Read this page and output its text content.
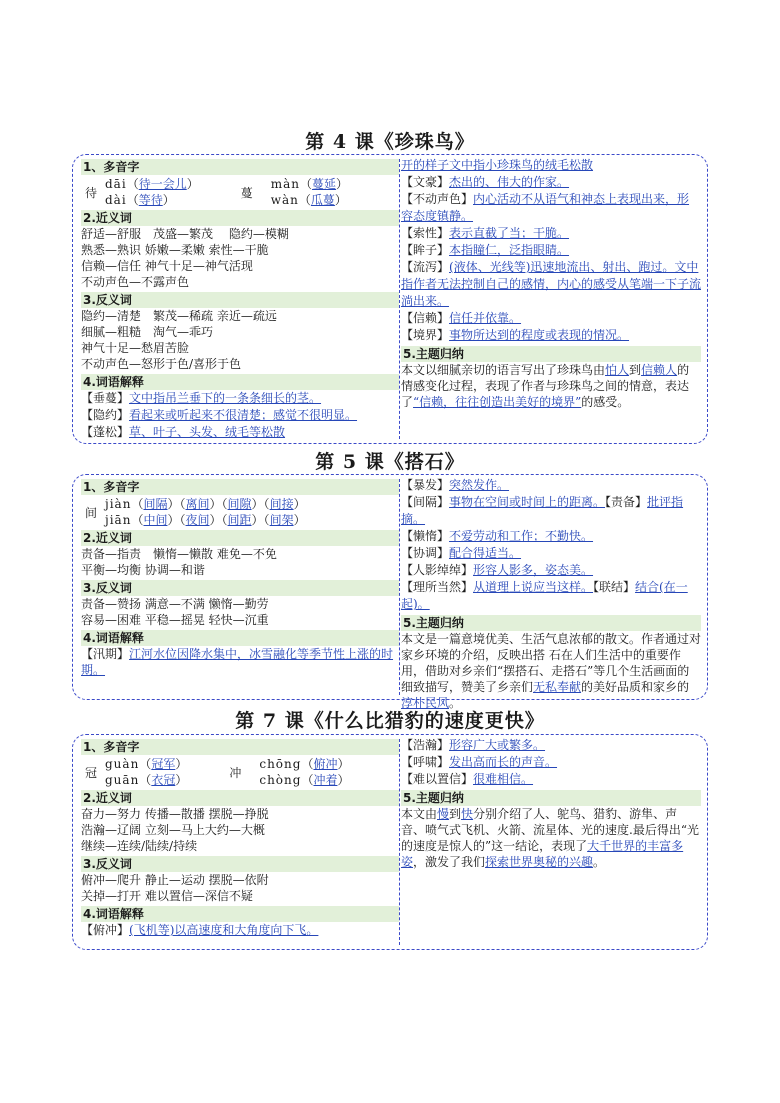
第 4 课《珍珠鸟》
1、多音字
待
dāi（待一会儿）
dài（等待）
蔓
màn（蔓延）
wàn（瓜蔓）
2.近义词
舒适—舒服　茂盛—繁茂　 隐约—模糊
熟悉—熟识 娇嫩—柔嫩 索性—干脆
信赖—信任 神气十足—神气活现
不动声色—不露声色
3.反义词
隐约—清楚　繁茂—稀疏 亲近—疏远
细腻—粗糙　淘气—乖巧
神气十足—愁眉苦脸
不动声色—怒形于色/喜形于色
4.词语解释
【垂蔓】文中指吊兰垂下的一条条细长的茎。
【隐约】看起来或听起来不很清楚；感觉不很明显。
【蓬松】草、叶子、头发、绒毛等松散
开的样子文中指小珍珠鸟的绒毛松散
【文豪】杰出的、伟大的作家。
【不动声色】内心活动不从语气和神态上表现出来，形容态度镇静。
【索性】表示直截了当；干脆。
【眸子】本指瞳仁，泛指眼睛。
【流泻】(液体、光线等)迅速地流出、射出、跑过。文中指作者无法控制自己的感情，内心的感受从笔端一下子流淌出来。
【信赖】信任并依靠。
【境界】事物所达到的程度或表现的情况。
5.主题归纳
本文以细腻亲切的语言写出了珍珠鸟由怕人到信赖人的情感变化过程，表现了作者与珍珠鸟之间的情意，表达了“信赖，往往创造出美好的境界”的感受。
第 5 课《搭石》
1、多音字
间
jiàn（间隔）（离间）（间隙）（间接）
jiān（中间）（夜间）（间距）（间架）
2.近义词
责备—指责　懒惰—懒散 难免—不免
平衡—均衡 协调—和谐
3.反义词
责备—赞扬 满意—不满 懒惰—勤劳
容易—困难 平稳—摇晃 轻快—沉重
4.词语解释
【汛期】江河水位因降水集中，冰雪融化等季节性上涨的时期。
【暴发】突然发作。
【间隔】事物在空间或时间上的距离。【责备】批评指摘。
【懒惰】不爱劳动和工作；不勤快。
【协调】配合得适当。
【人影绰绰】形容人影多，姿态美。
【理所当然】从道理上说应当这样。【联结】结合(在一起)。
5.主题归纳
本文是一篇意境优美、生活气息浓郁的散文。作者通过对家乡环境的介绍，反映出搭 石在人们生活中的重要作用，借助对乡亲们“摆搭石、走搭石”等几个生活画面的细致描写，赞美了乡亲们无私奉献的美好品质和家乡的淳朴民风。
第 7 课《什么比猎豹的速度更快》
1、多音字
冠
guàn（冠军）
guān（衣冠）
冲
chōng（俯冲）
chòng（冲着）
2.近义词
奋力—努力 传播—散播 摆脱—挣脱
浩瀚—辽阔 立刻—马上大约—大概
继续—连续/陆续/持续
3.反义词
俯冲—爬升 静止—运动 摆脱—依附
关掉—打开 难以置信—深信不疑
4.词语解释
【俯冲】(飞机等)以高速度和大角度向下飞。
【浩瀚】形容广大或繁多。
【呼啸】发出高而长的声音。
【难以置信】很难相信。
5.主题归纳
本文由慢到快分别介绍了人、鸵鸟、猎豹、游隼、声音、喷气式飞机、火箭、流星体、光的速度.最后得出“光的速度是惊人的”这一结论，表现了大千世界的丰富多姿，激发了我们探索世界奥秘的兴趣。
